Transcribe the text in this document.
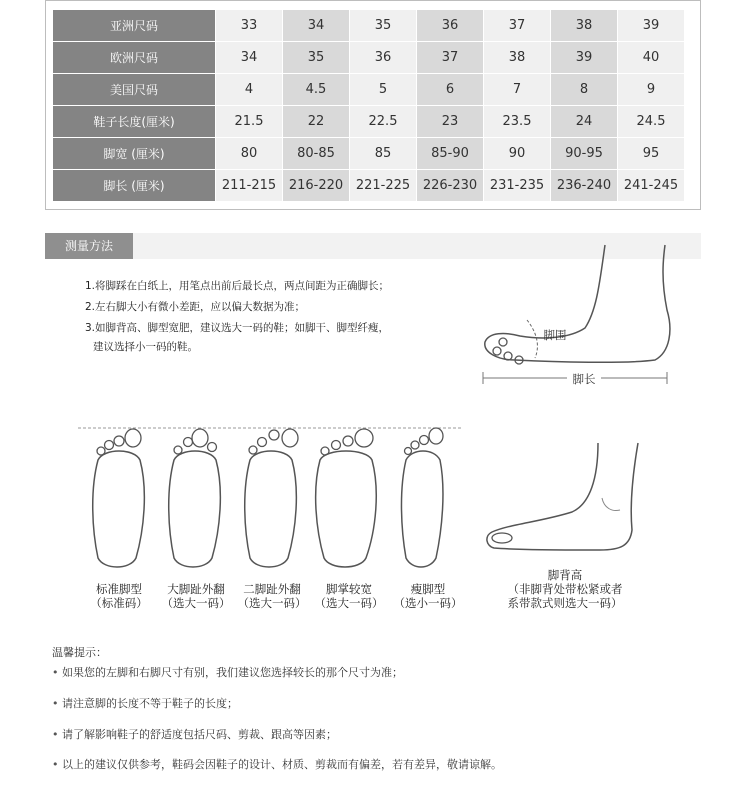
亚洲尺码	33	34	35	36	37	38	39
欧洲尺码	34	35	36	37	38	39	40
美国尺码	4	4.5	5	6	7	8	9
鞋子长度(厘米)	21.5	22	22.5	23	23.5	24	24.5
脚宽 (厘米)	80	80-85	85	85-90	90	90-95	95
脚长 (厘米)	211-215	216-220	221-225	226-230	231-235	236-240	241-245
测量方法
1.将脚踩在白纸上，用笔点出前后最长点，两点间距为正确脚长；
2.左右脚大小有微小差距，应以偏大数据为准；
3.如脚背高、脚型宽肥，建议选大一码的鞋；如脚干、脚型纤瘦，
建议选择小一码的鞋。
脚长
脚围
标准脚型
（标准码）
大脚趾外翻
（选大一码）
二脚趾外翻
（选大一码）
脚掌较宽
（选大一码）
瘦脚型
（选小一码）
脚背高
（非脚背处带松紧或者
系带款式则选大一码）
温馨提示：
• 如果您的左脚和右脚尺寸有别，我们建议您选择较长的那个尺寸为准；
• 请注意脚的长度不等于鞋子的长度；
• 请了解影响鞋子的舒适度包括尺码、剪裁、跟高等因素；
• 以上的建议仅供参考，鞋码会因鞋子的设计、材质、剪裁而有偏差，若有差异，敬请谅解。
